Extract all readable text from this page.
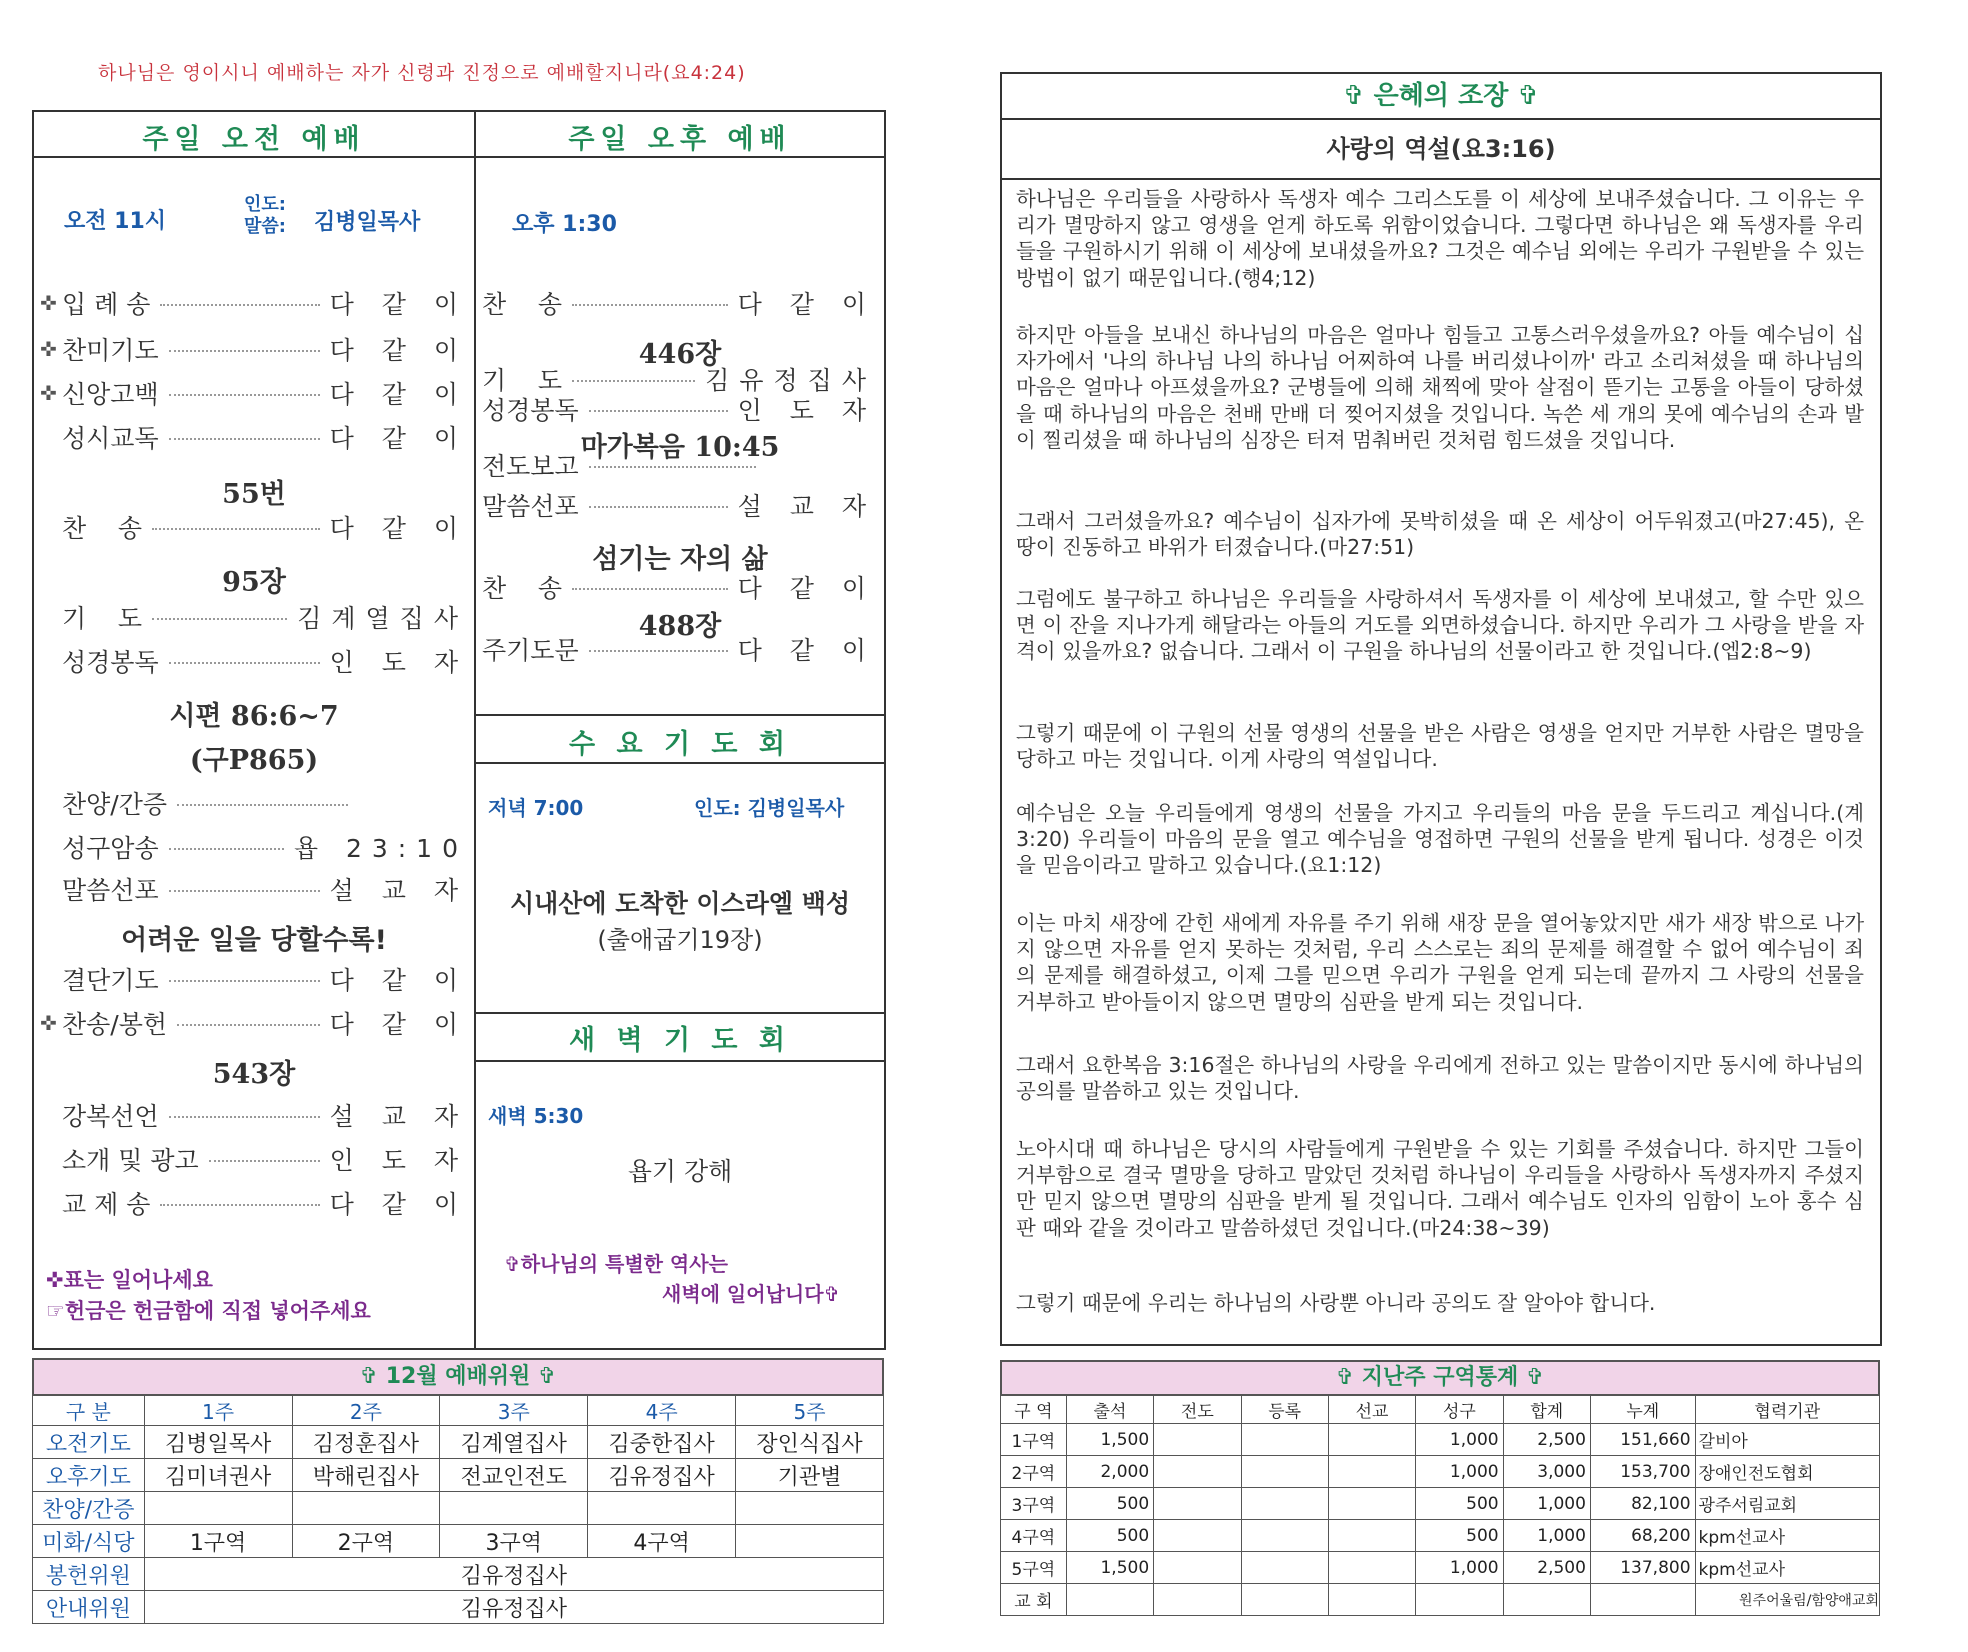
하나님은 영이시니 예배하는 자가 신령과 진정으로 예배할지니라(요4:24)
주일 오전 예배
오전 11시
인도:
말씀: 김병일목사
✜ 입 례 송	다 같 이
✜ 찬미기도	다 같 이
✜ 신앙고백	다 같 이
성시교독	다 같 이
찬    송	다 같 이
기    도	김계열집사
성경봉독	인 도 자
찬양/간증
성구암송	욥 23:10
말씀선포	설 교 자
결단기도	다 같 이
✜ 찬송/봉헌	다 같 이
강복선언	설 교 자
소개 및 광고	인 도 자
교 제 송	다 같 이
55번
95장
시편 86:6~7
(구P865)
어려운 일을 당할수록!
543장
✜표는 일어나세요
☞헌금은 헌금함에 직접 넣어주세요
주일 오후 예배
오후 1:30
찬    송	다 같 이
기    도	김유정집사
성경봉독	인 도 자
전도보고
말씀선포	설 교 자
찬    송	다 같 이
주기도문	다 같 이
446장
마가복음 10:45
섬기는 자의 삶
488장
수 요 기 도 회
저녁 7:00	인도: 김병일목사
시내산에 도착한 이스라엘 백성
(출애굽기19장)
새 벽 기 도 회
새벽 5:30
욥기 강해
✞하나님의 특별한 역사는
새벽에 일어납니다✞
✞ 은혜의 조장 ✞
사랑의 역설(요3:16)
하나님은 우리들을 사랑하사 독생자 예수 그리스도를 이 세상에 보내주셨습니다. 그 이유는 우리가 멸망하지 않고 영생을 얻게 하도록 위함이었습니다. 그렇다면 하나님은 왜 독생자를 우리들을 구원하시기 위해 이 세상에 보내셨을까요? 그것은 예수님 외에는 우리가 구원받을 수 있는 방법이 없기 때문입니다.(행4;12)
하지만 아들을 보내신 하나님의 마음은 얼마나 힘들고 고통스러우셨을까요? 아들 예수님이 십자가에서 '나의 하나님 나의 하나님 어찌하여 나를 버리셨나이까' 라고 소리쳐셨을 때 하나님의 마음은 얼마나 아프셨을까요? 군병들에 의해 채찍에 맞아 살점이 뜯기는 고통을 아들이 당하셨을 때 하나님의 마음은 천배 만배 더 찢어지셨을 것입니다. 녹쓴 세 개의 못에 예수님의 손과 발이 찔리셨을 때 하나님의 심장은 터져 멈춰버린 것처럼 힘드셨을 것입니다.
그래서 그러셨을까요? 예수님이 십자가에 못박히셨을 때 온 세상이 어두워졌고(마27:45), 온 땅이 진동하고 바위가 터졌습니다.(마27:51)
그럼에도 불구하고 하나님은 우리들을 사랑하셔서 독생자를 이 세상에 보내셨고, 할 수만 있으면 이 잔을 지나가게 해달라는 아들의 거도를 외면하셨습니다. 하지만 우리가 그 사랑을 받을 자격이 있을까요? 없습니다. 그래서 이 구원을 하나님의 선물이라고 한 것입니다.(엡2:8~9)
그렇기 때문에 이 구원의 선물 영생의 선물을 받은 사람은 영생을 얻지만 거부한 사람은 멸망을 당하고 마는 것입니다. 이게 사랑의 역설입니다.
예수님은 오늘 우리들에게 영생의 선물을 가지고 우리들의 마음 문을 두드리고 계십니다.(계3:20) 우리들이 마음의 문을 열고 예수님을 영접하면 구원의 선물을 받게 됩니다. 성경은 이것을 믿음이라고 말하고 있습니다.(요1:12)
이는 마치 새장에 갇힌 새에게 자유를 주기 위해 새장 문을 열어놓았지만 새가 새장 밖으로 나가지 않으면 자유를 얻지 못하는 것처럼, 우리 스스로는 죄의 문제를 해결할 수 없어 예수님이 죄의 문제를 해결하셨고, 이제 그를 믿으면 우리가 구원을 얻게 되는데 끝까지 그 사랑의 선물을 거부하고 받아들이지 않으면 멸망의 심판을 받게 되는 것입니다.
그래서 요한복음 3:16절은 하나님의 사랑을 우리에게 전하고 있는 말씀이지만 동시에 하나님의 공의를 말씀하고 있는 것입니다.
노아시대 때 하나님은 당시의 사람들에게 구원받을 수 있는 기회를 주셨습니다. 하지만 그들이 거부함으로 결국 멸망을 당하고 말았던 것처럼 하나님이 우리들을 사랑하사 독생자까지 주셨지만 믿지 않으면 멸망의 심판을 받게 될 것입니다. 그래서 예수님도 인자의 임함이 노아 홍수 심판 때와 같을 것이라고 말씀하셨던 것입니다.(마24:38~39)
그렇기 때문에 우리는 하나님의 사랑뿐 아니라 공의도 잘 알아야 합니다.
✞ 12월 예배위원 ✞
구 분	1주	2주	3주	4주	5주
오전기도	김병일목사	김정훈집사	김계열집사	김중한집사	장인식집사
오후기도	김미녀권사	박해린집사	전교인전도	김유정집사	기관별
찬양/간증					
미화/식당	1구역	2구역	3구역	4구역	
봉헌위원	김유정집사				
안내위원	김유정집사				
✞ 지난주 구역통계 ✞
구 역	출석	전도	등록	선교	성구	합계	누계	협력기관
1구역	1,500				1,000	2,500	151,660	갈비아
2구역	2,000				1,000	3,000	153,700	장애인전도협회
3구역	500				500	1,000	82,100	광주서림교회
4구역	500				500	1,000	68,200	kpm선교사
5구역	1,500				1,000	2,500	137,800	kpm선교사
교 회								원주어울림/함양애교회
